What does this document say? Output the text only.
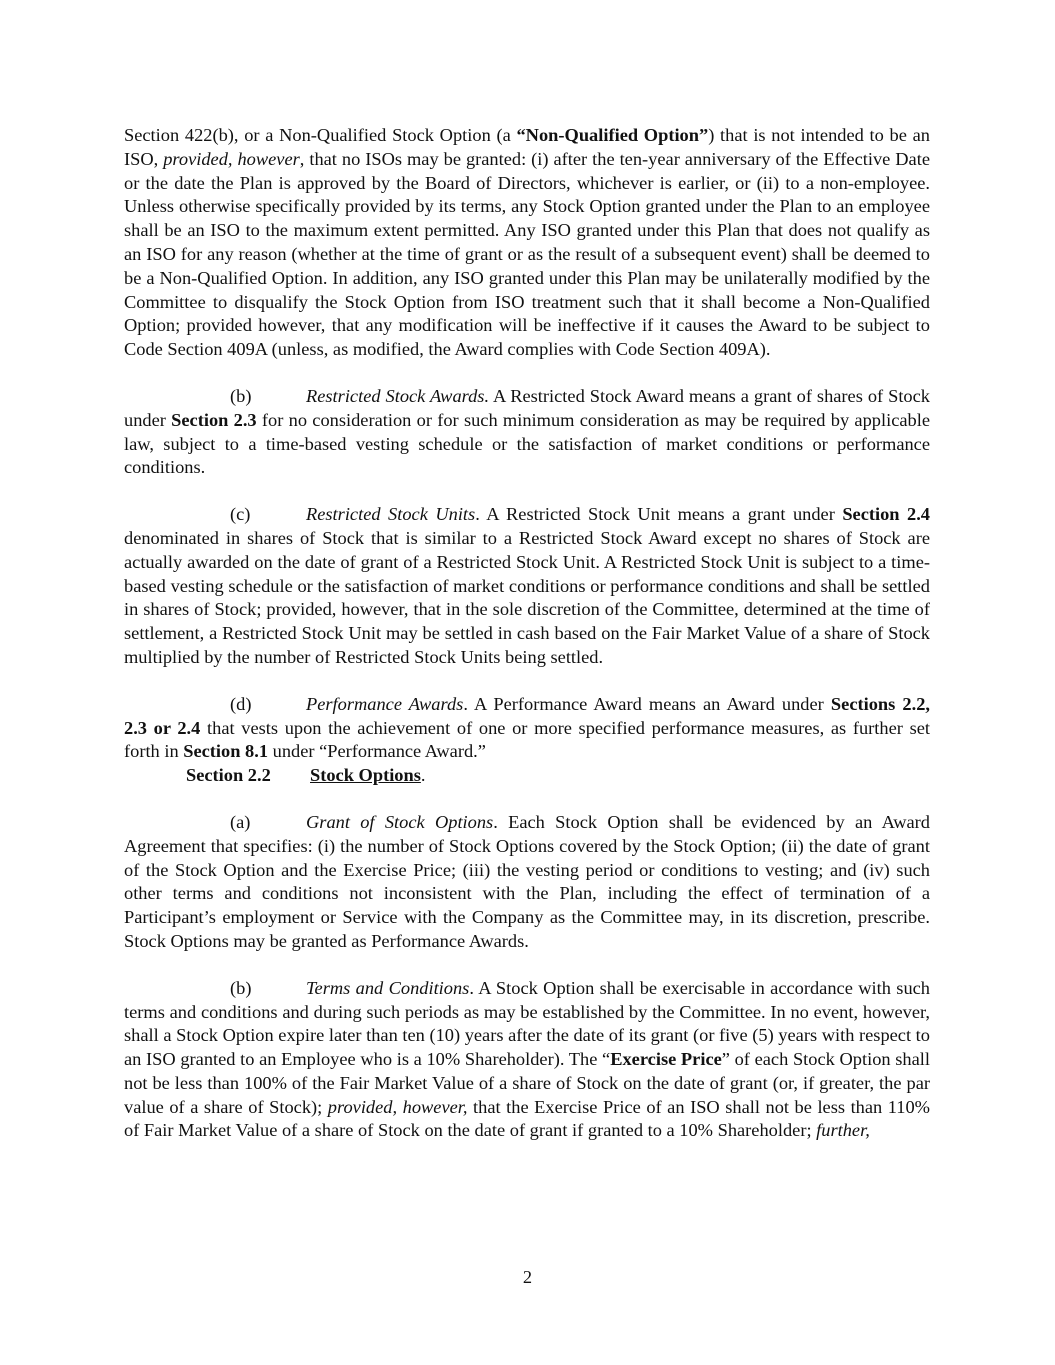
Section 422(b), or a Non-Qualified Stock Option (a “Non-Qualified Option”) that is not intended to be an ISO, provided, however, that no ISOs may be granted: (i) after the ten-year anniversary of the Effective Date or the date the Plan is approved by the Board of Directors, whichever is earlier, or (ii) to a non-employee. Unless otherwise specifically provided by its terms, any Stock Option granted under the Plan to an employee shall be an ISO to the maximum extent permitted. Any ISO granted under this Plan that does not qualify as an ISO for any reason (whether at the time of grant or as the result of a subsequent event) shall be deemed to be a Non-Qualified Option. In addition, any ISO granted under this Plan may be unilaterally modified by the Committee to disqualify the Stock Option from ISO treatment such that it shall become a Non-Qualified Option; provided however, that any modification will be ineffective if it causes the Award to be subject to Code Section 409A (unless, as modified, the Award complies with Code Section 409A).

(b)	Restricted Stock Awards. A Restricted Stock Award means a grant of shares of Stock under Section 2.3 for no consideration or for such minimum consideration as may be required by applicable law, subject to a time-based vesting schedule or the satisfaction of market conditions or performance conditions.

(c)	Restricted Stock Units. A Restricted Stock Unit means a grant under Section 2.4 denominated in shares of Stock that is similar to a Restricted Stock Award except no shares of Stock are actually awarded on the date of grant of a Restricted Stock Unit. A Restricted Stock Unit is subject to a time-based vesting schedule or the satisfaction of market conditions or performance conditions and shall be settled in shares of Stock; provided, however, that in the sole discretion of the Committee, determined at the time of settlement, a Restricted Stock Unit may be settled in cash based on the Fair Market Value of a share of Stock multiplied by the number of Restricted Stock Units being settled.

(d)	Performance Awards. A Performance Award means an Award under Sections 2.2, 2.3 or 2.4 that vests upon the achievement of one or more specified performance measures, as further set forth in Section 8.1 under “Performance Award.”

Section 2.2 Stock Options.

(a)	Grant of Stock Options. Each Stock Option shall be evidenced by an Award Agreement that specifies: (i) the number of Stock Options covered by the Stock Option; (ii) the date of grant of the Stock Option and the Exercise Price; (iii) the vesting period or conditions to vesting; and (iv) such other terms and conditions not inconsistent with the Plan, including the effect of termination of a Participant’s employment or Service with the Company as the Committee may, in its discretion, prescribe. Stock Options may be granted as Performance Awards.

(b)	Terms and Conditions. A Stock Option shall be exercisable in accordance with such terms and conditions and during such periods as may be established by the Committee. In no event, however, shall a Stock Option expire later than ten (10) years after the date of its grant (or five (5) years with respect to an ISO granted to an Employee who is a 10% Shareholder). The “Exercise Price” of each Stock Option shall not be less than 100% of the Fair Market Value of a share of Stock on the date of grant (or, if greater, the par value of a share of Stock); provided, however, that the Exercise Price of an ISO shall not be less than 110% of Fair Market Value of a share of Stock on the date of grant if granted to a 10% Shareholder; further,

2
